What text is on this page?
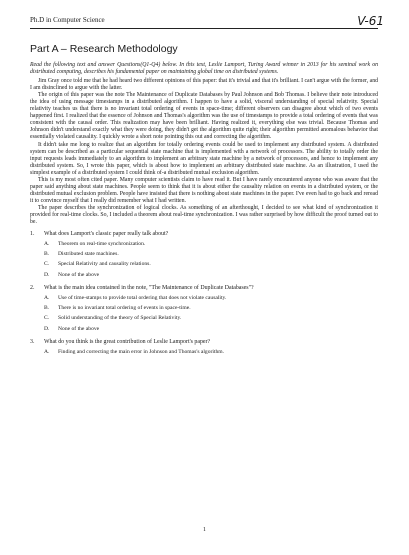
Ph.D in Computer Science	V-61
Part A – Research Methodology

Read the following text and answer Questions(Q1-Q4) below. In this text, Leslie Lamport, Turing Award winner in 2013 for his seminal work on distributed computing, describes his fundamental paper on maintaining global time on distributed systems.

Jim Gray once told me that he had heard two different opinions of this paper: that it's trivial and that it's brilliant. I can't argue with the former, and I am disinclined to argue with the latter.

The origin of this paper was the note The Maintenance of Duplicate Databases by Paul Johnson and Bob Thomas. I believe their note introduced the idea of using message timestamps in a distributed algorithm. I happen to have a solid, visceral understanding of special relativity. Special relativity teaches us that there is no invariant total ordering of events in space-time; different observers can disagree about which of two events happened first. I realized that the essence of Johnson and Thomas's algorithm was the use of timestamps to provide a total ordering of events that was consistent with the causal order. This realization may have been brilliant. Having realized it, everything else was trivial. Because Thomas and Johnson didn't understand exactly what they were doing, they didn't get the algorithm quite right; their algorithm permitted anomalous behavior that essentially violated causality. I quickly wrote a short note pointing this out and correcting the algorithm.

It didn't take me long to realize that an algorithm for totally ordering events could be used to implement any distributed system. A distributed system can be described as a particular sequential state machine that is implemented with a network of processors. The ability to totally order the input requests leads immediately to an algorithm to implement an arbitrary state machine by a network of processors, and hence to implement any distributed system. So, I wrote this paper, which is about how to implement an arbitrary distributed state machine. As an illustration, I used the simplest example of a distributed system I could think of-a distributed mutual exclusion algorithm.

This is my most often cited paper. Many computer scientists claim to have read it. But I have rarely encountered anyone who was aware that the paper said anything about state machines. People seem to think that it is about either the causality relation on events in a distributed system, or the distributed mutual exclusion problem. People have insisted that there is nothing about state machines in the paper. I've even had to go back and reread it to convince myself that I really did remember what I had written.

The paper describes the synchronization of logical clocks. As something of an afterthought, I decided to see what kind of synchronization it provided for real-time clocks. So, I included a theorem about real-time synchronization. I was rather surprised by how difficult the proof turned out to be.

1.	What does Lamport's classic paper really talk about?
A.	Theorem on real-time synchronization.
B.	Distributed state machines.
C.	Special Relativity and causality relations.
D.	None of the above
2.	What is the main idea contained in the note, "The Maintenance of Duplicate Databases"?
A.	Use of time-stamps to provide total ordering that does not violate causality.
B.	There is no invariant total ordering of events in space-time.
C.	Solid understanding of the theory of Special Relativity.
D.	None of the above
3.	What do you think is the great contribution of Leslie Lamport's paper?
A.	Finding and correcting the main error in Johnson and Thomas's algorithm.
1
